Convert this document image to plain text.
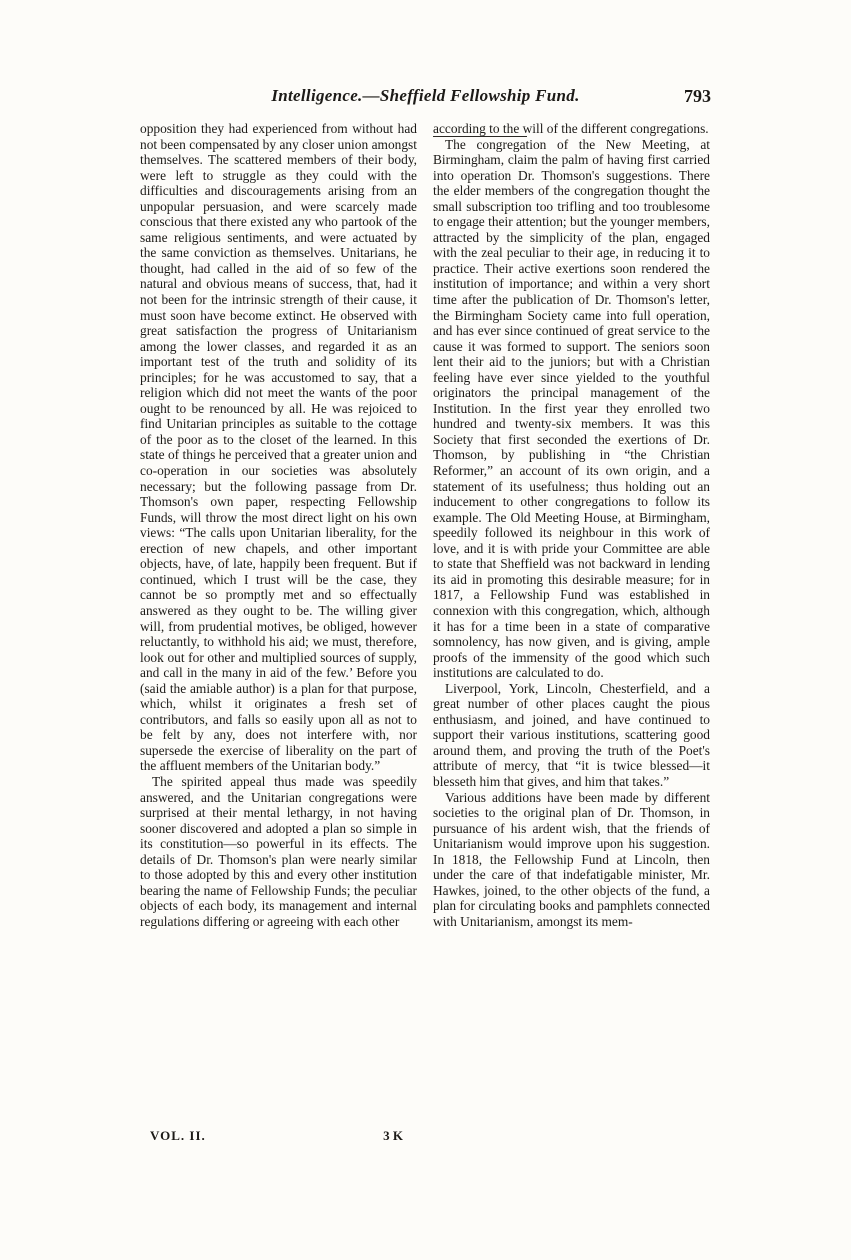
Intelligence.—Sheffield Fellowship Fund.	793

opposition they had experienced from without had not been compensated by any closer union amongst themselves. The scattered members of their body, were left to struggle as they could with the difficulties and discouragements arising from an unpopular persuasion, and were scarcely made conscious that there existed any who partook of the same religious sentiments, and were actuated by the same conviction as themselves. Unitarians, he thought, had called in the aid of so few of the natural and obvious means of success, that, had it not been for the intrinsic strength of their cause, it must soon have become extinct. He observed with great satisfaction the progress of Unitarianism among the lower classes, and regarded it as an important test of the truth and solidity of its principles; for he was accustomed to say, that a religion which did not meet the wants of the poor ought to be renounced by all. He was rejoiced to find Unitarian principles as suitable to the cottage of the poor as to the closet of the learned. In this state of things he perceived that a greater union and co-operation in our societies was absolutely necessary; but the following passage from Dr. Thomson's own paper, respecting Fellowship Funds, will throw the most direct light on his own views: “The calls upon Unitarian liberality, for the erection of new chapels, and other important objects, have, of late, happily been frequent. But if continued, which I trust will be the case, they cannot be so promptly met and so effectually answered as they ought to be. The willing giver will, from prudential motives, be obliged, however reluctantly, to withhold his aid; we must, therefore, look out for other and multiplied sources of supply, and call in the many in aid of the few.’ Before you (said the amiable author) is a plan for that purpose, which, whilst it originates a fresh set of contributors, and falls so easily upon all as not to be felt by any, does not interfere with, nor supersede the exercise of liberality on the part of the affluent members of the Unitarian body.”

The spirited appeal thus made was speedily answered, and the Unitarian congregations were surprised at their mental lethargy, in not having sooner discovered and adopted a plan so simple in its constitution—so powerful in its effects. The details of Dr. Thomson's plan were nearly similar to those adopted by this and every other institution bearing the name of Fellowship Funds; the peculiar objects of each body, its management and internal regulations differing or agreeing with each other

according to the will of the different congregations.

The congregation of the New Meeting, at Birmingham, claim the palm of having first carried into operation Dr. Thomson's suggestions. There the elder members of the congregation thought the small subscription too trifling and too troublesome to engage their attention; but the younger members, attracted by the simplicity of the plan, engaged with the zeal peculiar to their age, in reducing it to practice. Their active exertions soon rendered the institution of importance; and within a very short time after the publication of Dr. Thomson's letter, the Birmingham Society came into full operation, and has ever since continued of great service to the cause it was formed to support. The seniors soon lent their aid to the juniors; but with a Christian feeling have ever since yielded to the youthful originators the principal management of the Institution. In the first year they enrolled two hundred and twenty-six members. It was this Society that first seconded the exertions of Dr. Thomson, by publishing in “the Christian Reformer,” an account of its own origin, and a statement of its usefulness; thus holding out an inducement to other congregations to follow its example. The Old Meeting House, at Birmingham, speedily followed its neighbour in this work of love, and it is with pride your Committee are able to state that Sheffield was not backward in lending its aid in promoting this desirable measure; for in 1817, a Fellowship Fund was established in connexion with this congregation, which, although it has for a time been in a state of comparative somnolency, has now given, and is giving, ample proofs of the immensity of the good which such institutions are calculated to do.

Liverpool, York, Lincoln, Chesterfield, and a great number of other places caught the pious enthusiasm, and joined, and have continued to support their various institutions, scattering good around them, and proving the truth of the Poet's attribute of mercy, that “it is twice blessed—it blesseth him that gives, and him that takes.”

Various additions have been made by different societies to the original plan of Dr. Thomson, in pursuance of his ardent wish, that the friends of Unitarianism would improve upon his suggestion. In 1818, the Fellowship Fund at Lincoln, then under the care of that indefatigable minister, Mr. Hawkes, joined, to the other objects of the fund, a plan for circulating books and pamphlets connected with Unitarianism, amongst its mem-

VOL. II.	3 K
